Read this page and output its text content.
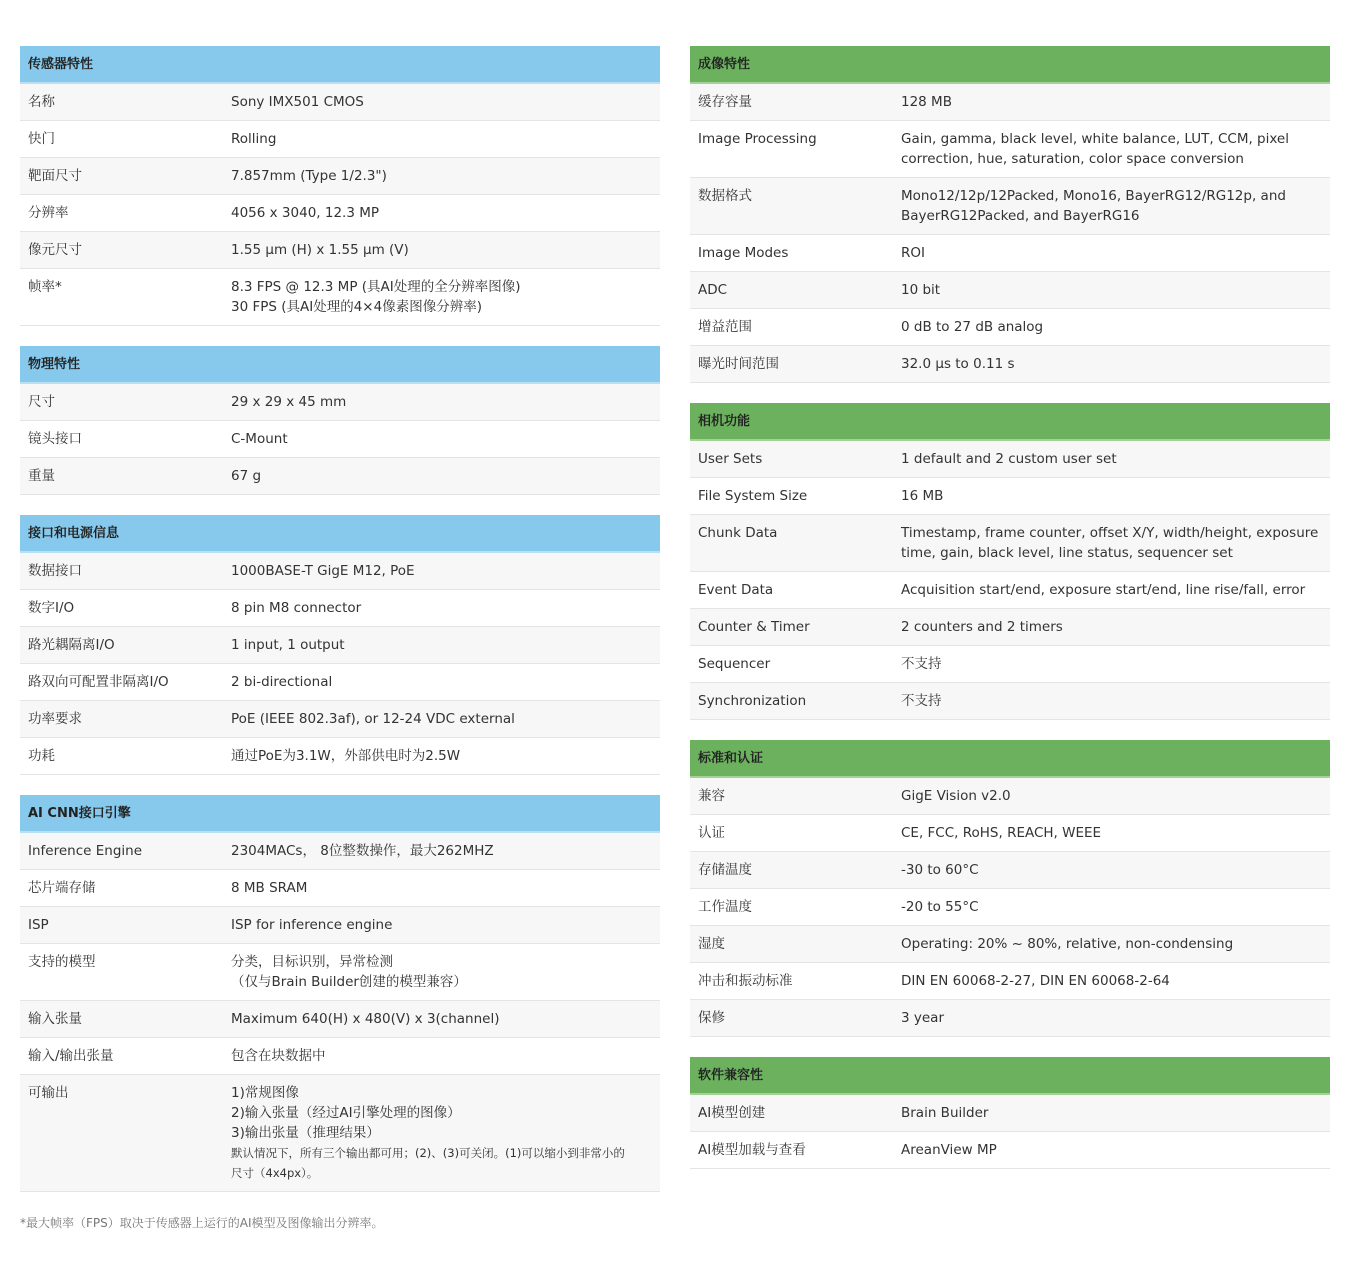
传感器特性
名称	Sony IMX501 CMOS
快门	Rolling
靶面尺寸	7.857mm (Type 1/2.3")
分辨率	4056 x 3040, 12.3 MP
像元尺寸	1.55 µm (H) x 1.55 µm (V)
帧率*	8.3 FPS @ 12.3 MP (具AI处理的全分辨率图像)
30 FPS (具AI处理的4×4像素图像分辨率)
物理特性
尺寸	29 x 29 x 45 mm
镜头接口	C-Mount
重量	67 g
接口和电源信息
数据接口	1000BASE-T GigE M12, PoE
数字I/O	8 pin M8 connector
路光耦隔离I/O	1 input, 1 output
路双向可配置非隔离I/O	2 bi-directional
功率要求	PoE (IEEE 802.3af), or 12-24 VDC external
功耗	通过PoE为3.1W，外部供电时为2.5W
AI CNN接口引擎
Inference Engine	2304MACs， 8位整数操作，最大262MHZ
芯片端存储	8 MB SRAM
ISP	ISP for inference engine
支持的模型	分类，目标识别，异常检测
（仅与Brain Builder创建的模型兼容）
输入张量	Maximum 640(H) x 480(V) x 3(channel)
输入/输出张量	包含在块数据中
可输出	1)常规图像
2)输入张量（经过AI引擎处理的图像）
3)输出张量（推理结果）
默认情况下，所有三个输出都可用；(2)、(3)可关闭。(1)可以缩小到非常小的
尺寸（4x4px）。
成像特性
缓存容量	128 MB
Image Processing	Gain, gamma, black level, white balance, LUT, CCM, pixel
correction, hue, saturation, color space conversion
数据格式	Mono12/12p/12Packed, Mono16, BayerRG12/RG12p, and
BayerRG12Packed, and BayerRG16
Image Modes	ROI
ADC	10 bit
增益范围	0 dB to 27 dB analog
曝光时间范围	32.0 µs to 0.11 s
相机功能
User Sets	1 default and 2 custom user set
File System Size	16 MB
Chunk Data	Timestamp, frame counter, offset X/Y, width/height, exposure
time, gain, black level, line status, sequencer set
Event Data	Acquisition start/end, exposure start/end, line rise/fall, error
Counter & Timer	2 counters and 2 timers
Sequencer	不支持
Synchronization	不支持
标准和认证
兼容	GigE Vision v2.0
认证	CE, FCC, RoHS, REACH, WEEE
存储温度	-30 to 60°C
工作温度	-20 to 55°C
湿度	Operating: 20% ~ 80%, relative, non-condensing
冲击和振动标准	DIN EN 60068-2-27, DIN EN 60068-2-64
保修	3 year
软件兼容性
AI模型创建	Brain Builder
AI模型加载与查看	AreanView MP
*最大帧率（FPS）取决于传感器上运行的AI模型及图像输出分辨率。
